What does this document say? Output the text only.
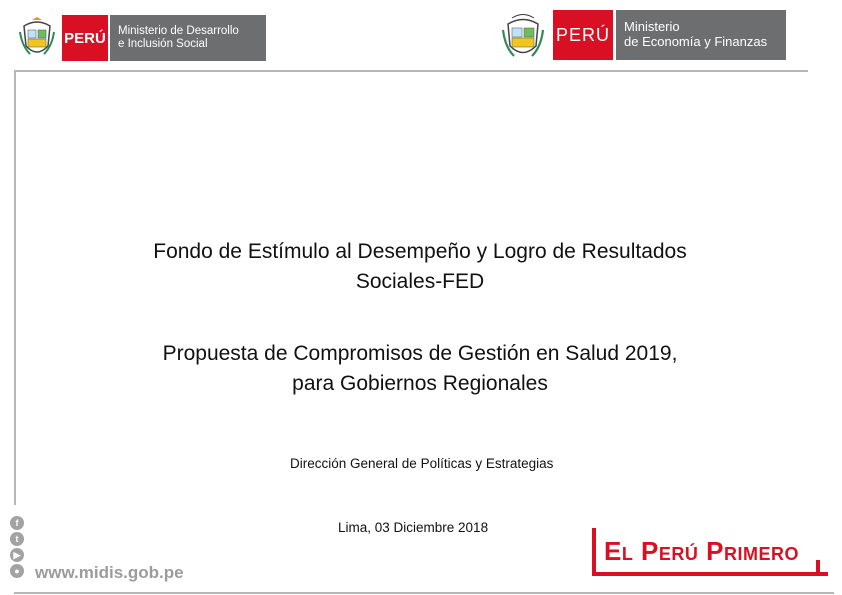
PERÚ Ministerio de Desarrollo
e Inclusión Social	PERÚ Ministerio
de Economía y Finanzas
Fondo de Estímulo al Desempeño y Logro de Resultados
Sociales-FED
Propuesta de Compromisos de Gestión en Salud 2019,
para Gobiernos Regionales
Dirección General de Políticas y Estrategias
Lima, 03 Diciembre 2018
f
t
▶
● www.midis.gob.pe
El Perú Primero
